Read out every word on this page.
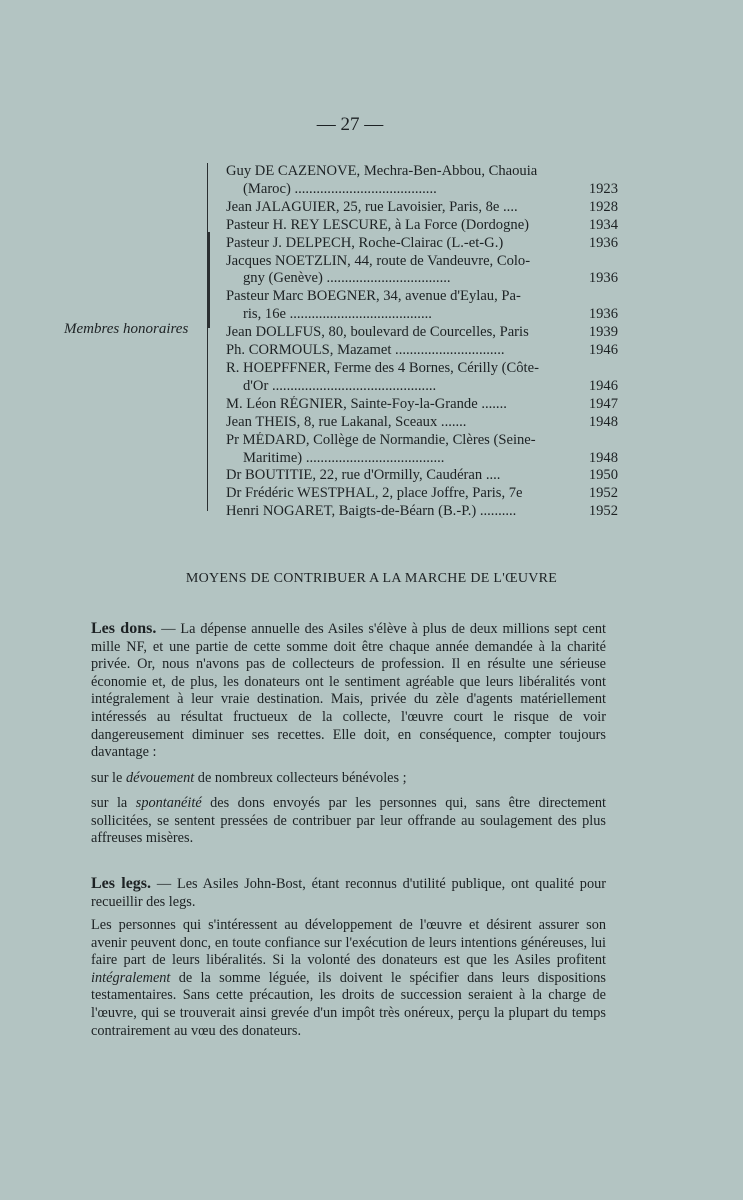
— 27 —
Membres honoraires
Guy DE CAZENOVE, Mechra-Ben-Abbou, Chaouia
(Maroc) .......................................	1923
Jean JALAGUIER, 25, rue Lavoisier, Paris, 8e ....	1928
Pasteur H. REY LESCURE, à La Force (Dordogne)	1934
Pasteur J. DELPECH, Roche-Clairac (L.-et-G.)	1936
Jacques NOETZLIN, 44, route de Vandeuvre, Colo-
gny (Genève) ..................................	1936
Pasteur Marc BOEGNER, 34, avenue d'Eylau, Pa-
ris, 16e .......................................	1936
Jean DOLLFUS, 80, boulevard de Courcelles, Paris	1939
Ph. CORMOULS, Mazamet ..............................	1946
R. HOEPFFNER, Ferme des 4 Bornes, Cérilly (Côte-
d'Or .............................................	1946
M. Léon RÉGNIER, Sainte-Foy-la-Grande .......	1947
Jean THEIS, 8, rue Lakanal, Sceaux .......	1948
Pr MÉDARD, Collège de Normandie, Clères (Seine-
Maritime) ......................................	1948
Dr BOUTITIE, 22, rue d'Ormilly, Caudéran ....	1950
Dr Frédéric WESTPHAL, 2, place Joffre, Paris, 7e	1952
Henri NOGARET, Baigts-de-Béarn (B.-P.) ..........	1952
MOYENS DE CONTRIBUER A LA MARCHE DE L'ŒUVRE
Les dons. — La dépense annuelle des Asiles s'élève à plus de deux millions sept cent mille NF, et une partie de cette somme doit être chaque année demandée à la charité privée. Or, nous n'avons pas de collecteurs de profession. Il en résulte une sérieuse économie et, de plus, les donateurs ont le sentiment agréable que leurs libéralités vont intégralement à leur vraie destination. Mais, privée du zèle d'agents matériellement intéressés au résultat fructueux de la collecte, l'œuvre court le risque de voir dangereusement diminuer ses recettes. Elle doit, en conséquence, compter toujours davantage :
sur le dévouement de nombreux collecteurs bénévoles ;
sur la spontanéité des dons envoyés par les personnes qui, sans être directement sollicitées, se sentent pressées de contribuer par leur offrande au soulagement des plus affreuses misères.
Les legs. — Les Asiles John-Bost, étant reconnus d'utilité publique, ont qualité pour recueillir des legs.
Les personnes qui s'intéressent au développement de l'œuvre et désirent assurer son avenir peuvent donc, en toute confiance sur l'exécution de leurs intentions généreuses, lui faire part de leurs libéralités. Si la volonté des donateurs est que les Asiles profitent intégralement de la somme léguée, ils doivent le spécifier dans leurs dispositions testamentaires. Sans cette précaution, les droits de succession seraient à la charge de l'œuvre, qui se trouverait ainsi grevée d'un impôt très onéreux, perçu la plupart du temps contrairement au vœu des donateurs.
